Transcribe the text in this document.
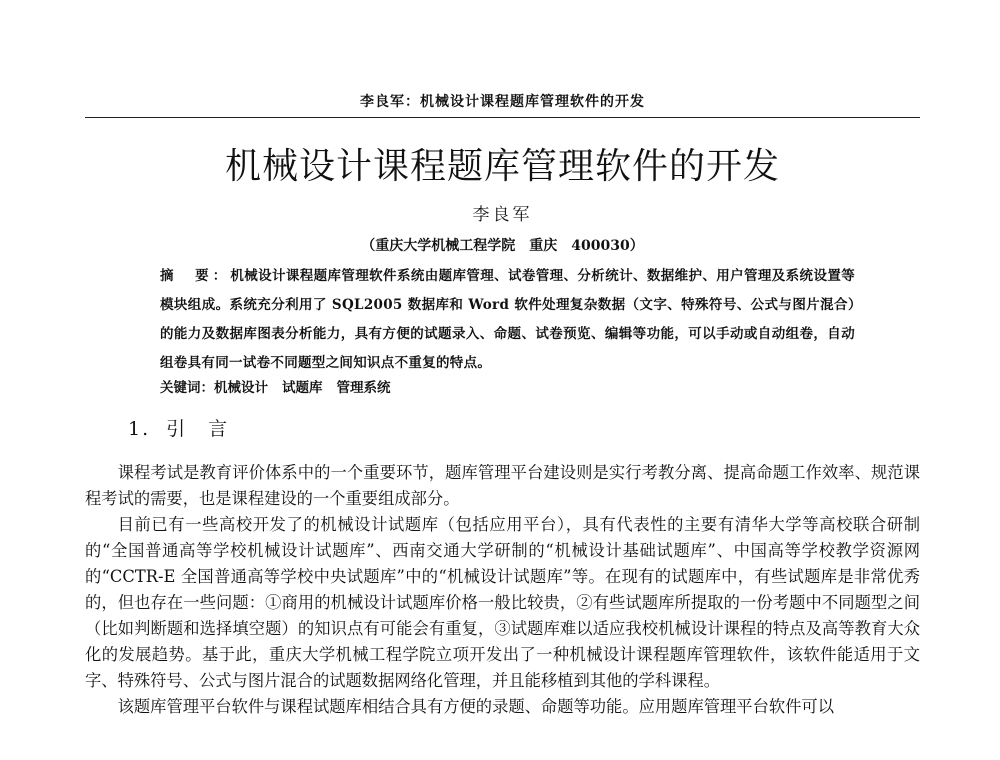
李良军：机械设计课程题库管理软件的开发
机械设计课程题库管理软件的开发
李良军
（重庆大学机械工程学院　重庆　400030）
摘　要：机械设计课程题库管理软件系统由题库管理、试卷管理、分析统计、数据维护、用户管理及系统设置等模块组成。系统充分利用了 SQL2005 数据库和 Word 软件处理复杂数据（文字、特殊符号、公式与图片混合）的能力及数据库图表分析能力，具有方便的试题录入、命题、试卷预览、编辑等功能，可以手动或自动组卷，自动组卷具有同一试卷不同题型之间知识点不重复的特点。
关键词：机械设计 试题库 管理系统
1. 引　言

课程考试是教育评价体系中的一个重要环节，题库管理平台建设则是实行考教分离、提高命题工作效率、规范课程考试的需要，也是课程建设的一个重要组成部分。

目前已有一些高校开发了的机械设计试题库（包括应用平台），具有代表性的主要有清华大学等高校联合研制的“全国普通高等学校机械设计试题库”、西南交通大学研制的“机械设计基础试题库”、中国高等学校教学资源网的“CCTR-E 全国普通高等学校中央试题库”中的“机械设计试题库”等。在现有的试题库中，有些试题库是非常优秀的，但也存在一些问题：①商用的机械设计试题库价格一般比较贵，②有些试题库所提取的一份考题中不同题型之间（比如判断题和选择填空题）的知识点有可能会有重复，③试题库难以适应我校机械设计课程的特点及高等教育大众化的发展趋势。基于此，重庆大学机械工程学院立项开发出了一种机械设计课程题库管理软件，该软件能适用于文字、特殊符号、公式与图片混合的试题数据网络化管理，并且能移植到其他的学科课程。

该题库管理平台软件与课程试题库相结合具有方便的录题、命题等功能。应用题库管理平台软件可以
